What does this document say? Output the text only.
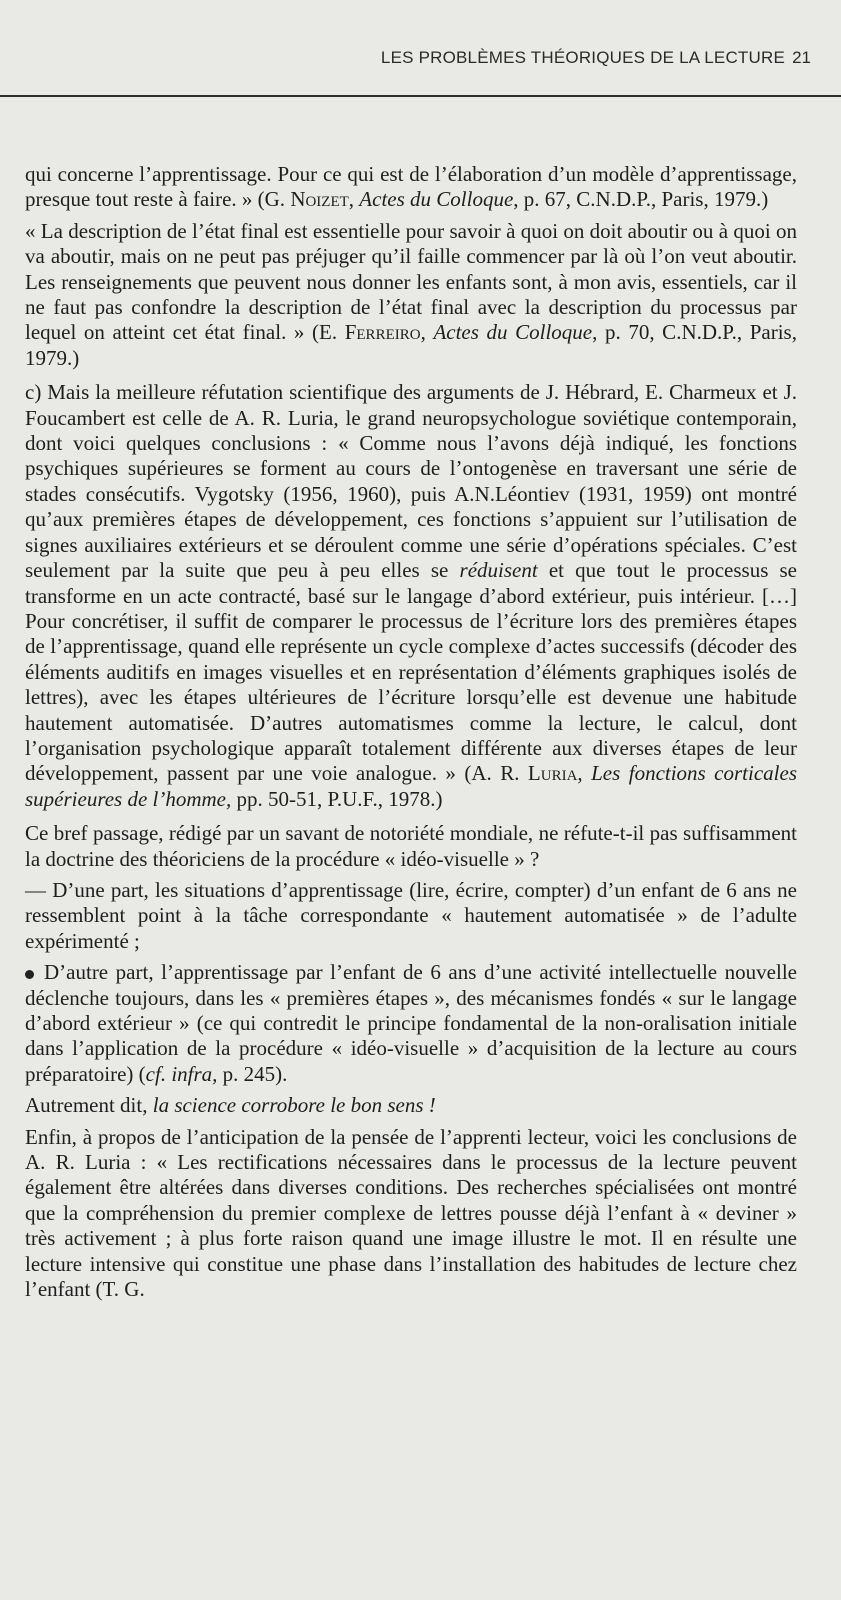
LES PROBLÈMES THÉORIQUES DE LA LECTURE 21

qui concerne l’apprentissage. Pour ce qui est de l’élaboration d’un modèle d’apprentissage, presque tout reste à faire. » (G. Noizet, Actes du Colloque, p. 67, C.N.D.P., Paris, 1979.)

« La description de l’état final est essentielle pour savoir à quoi on doit aboutir ou à quoi on va aboutir, mais on ne peut pas préjuger qu’il faille commencer par là où l’on veut aboutir. Les renseignements que peuvent nous donner les enfants sont, à mon avis, essentiels, car il ne faut pas confondre la description de l’état final avec la description du processus par lequel on atteint cet état final. » (E. Ferreiro, Actes du Colloque, p. 70, C.N.D.P., Paris, 1979.)

c) Mais la meilleure réfutation scientifique des arguments de J. Hébrard, E. Charmeux et J. Foucambert est celle de A. R. Luria, le grand neuropsychologue soviétique contemporain, dont voici quelques conclusions : « Comme nous l’avons déjà indiqué, les fonctions psychiques supérieures se forment au cours de l’ontogenèse en traversant une série de stades consécutifs. Vygotsky (1956, 1960), puis A.N.Léontiev (1931, 1959) ont montré qu’aux premières étapes de développement, ces fonctions s’appuient sur l’utilisation de signes auxiliaires extérieurs et se déroulent comme une série d’opérations spéciales. C’est seulement par la suite que peu à peu elles se réduisent et que tout le processus se transforme en un acte contracté, basé sur le langage d’abord extérieur, puis intérieur. […] Pour concrétiser, il suffit de comparer le processus de l’écriture lors des premières étapes de l’apprentissage, quand elle représente un cycle complexe d’actes successifs (décoder des éléments auditifs en images visuelles et en représentation d’éléments graphiques isolés de lettres), avec les étapes ultérieures de l’écriture lorsqu’elle est devenue une habitude hautement automatisée. D’autres automatismes comme la lecture, le calcul, dont l’organisation psychologique apparaît totalement différente aux diverses étapes de leur développement, passent par une voie analogue. » (A. R. Luria, Les fonctions corticales supérieures de l’homme, pp. 50-51, P.U.F., 1978.)

Ce bref passage, rédigé par un savant de notoriété mondiale, ne réfute-t-il pas suffisamment la doctrine des théoriciens de la procédure « idéo-visuelle » ?

— D’une part, les situations d’apprentissage (lire, écrire, compter) d’un enfant de 6 ans ne ressemblent point à la tâche correspondante « hautement automatisée » de l’adulte expérimenté ;

D’autre part, l’apprentissage par l’enfant de 6 ans d’une activité intellectuelle nouvelle déclenche toujours, dans les « premières étapes », des mécanismes fondés « sur le langage d’abord extérieur » (ce qui contredit le principe fondamental de la non-oralisation initiale dans l’application de la procédure « idéo-visuelle » d’acquisition de la lecture au cours préparatoire) (cf. infra, p. 245).

Autrement dit, la science corrobore le bon sens !

Enfin, à propos de l’anticipation de la pensée de l’apprenti lecteur, voici les conclusions de A. R. Luria : « Les rectifications nécessaires dans le processus de la lecture peuvent également être altérées dans diverses conditions. Des recherches spécialisées ont montré que la compréhension du premier complexe de lettres pousse déjà l’enfant à « deviner » très activement ; à plus forte raison quand une image illustre le mot. Il en résulte une lecture intensive qui constitue une phase dans l’installation des habitudes de lecture chez l’enfant (T. G.
